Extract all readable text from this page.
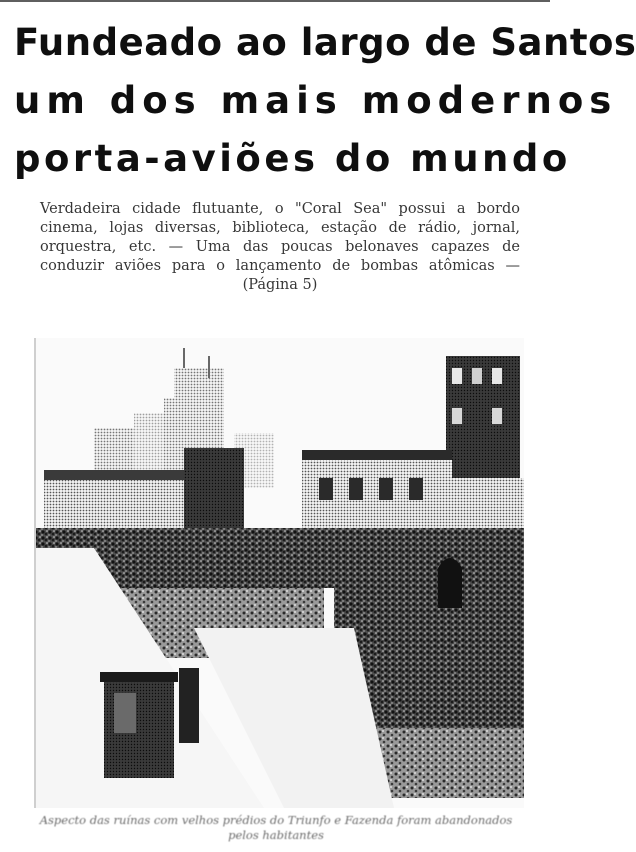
Fundeado ao largo de Santos
um dos mais modernos
porta-aviões do mundo

Verdadeira cidade flutuante, o "Coral Sea" possui a bordo cinema, lojas diversas, biblioteca, estação de rádio, jornal, orquestra, etc. — Uma das poucas belonaves capazes de conduzir aviões para o lançamento de bombas atômicas — (Página 5)

Aspecto das ruínas com velhos prédios do Triunfo e Fazenda foram abandonados pelos habitantes
